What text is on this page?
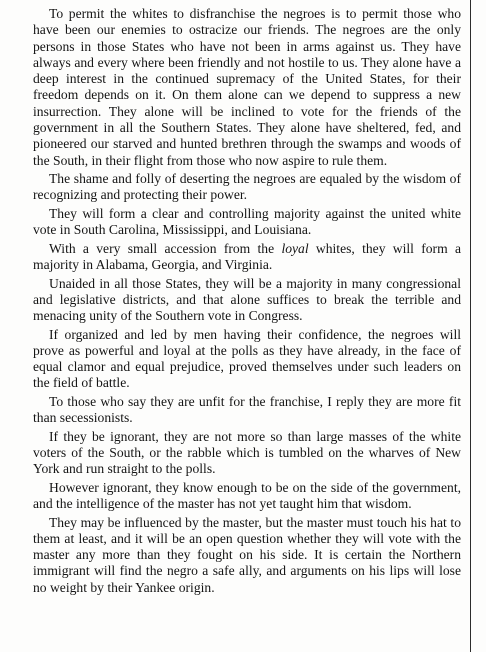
To permit the whites to disfranchise the negroes is to permit those who have been our enemies to ostracize our friends. The negroes are the only persons in those States who have not been in arms against us. They have always and every where been friendly and not hostile to us. They alone have a deep interest in the continued supremacy of the United States, for their freedom depends on it. On them alone can we depend to suppress a new insurrection. They alone will be inclined to vote for the friends of the government in all the Southern States. They alone have sheltered, fed, and pioneered our starved and hunted brethren through the swamps and woods of the South, in their flight from those who now aspire to rule them.

The shame and folly of deserting the negroes are equaled by the wisdom of recognizing and protecting their power.

They will form a clear and controlling majority against the united white vote in South Carolina, Mississippi, and Louisiana.

With a very small accession from the loyal whites, they will form a majority in Alabama, Georgia, and Virginia.

Unaided in all those States, they will be a majority in many congressional and legislative districts, and that alone suffices to break the terrible and menacing unity of the Southern vote in Congress.

If organized and led by men having their confidence, the negroes will prove as powerful and loyal at the polls as they have already, in the face of equal clamor and equal prejudice, proved themselves under such leaders on the field of battle.

To those who say they are unfit for the franchise, I reply they are more fit than secessionists.

If they be ignorant, they are not more so than large masses of the white voters of the South, or the rabble which is tumbled on the wharves of New York and run straight to the polls.

However ignorant, they know enough to be on the side of the government, and the intelligence of the master has not yet taught him that wisdom.

They may be influenced by the master, but the master must touch his hat to them at least, and it will be an open question whether they will vote with the master any more than they fought on his side. It is certain the Northern immigrant will find the negro a safe ally, and arguments on his lips will lose no weight by their Yankee origin.
